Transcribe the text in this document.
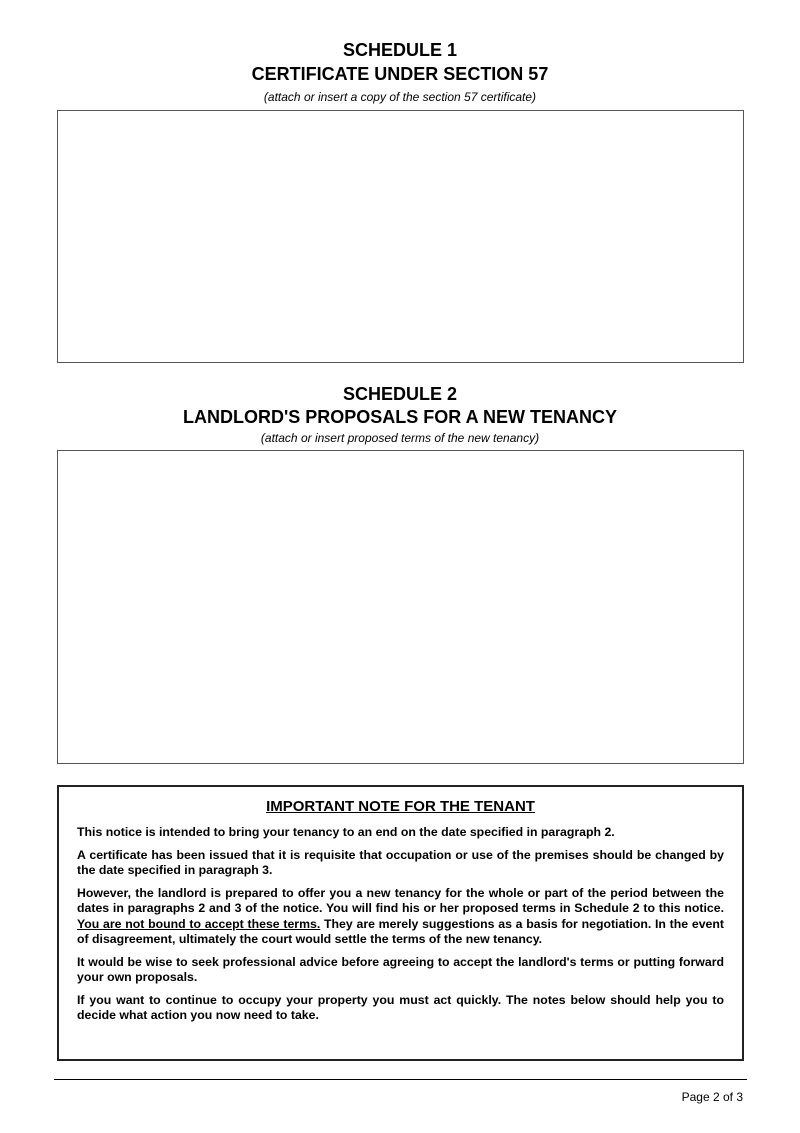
SCHEDULE 1
CERTIFICATE UNDER SECTION 57
(attach or insert a copy of the section 57 certificate)
SCHEDULE 2
LANDLORD'S PROPOSALS FOR A NEW TENANCY
(attach or insert proposed terms of the new tenancy)
IMPORTANT NOTE FOR THE TENANT

This notice is intended to bring your tenancy to an end on the date specified in paragraph 2.

A certificate has been issued that it is requisite that occupation or use of the premises should be changed by the date specified in paragraph 3.

However, the landlord is prepared to offer you a new tenancy for the whole or part of the period between the dates in paragraphs 2 and 3 of the notice. You will find his or her proposed terms in Schedule 2 to this notice. You are not bound to accept these terms. They are merely suggestions as a basis for negotiation. In the event of disagreement, ultimately the court would settle the terms of the new tenancy.

It would be wise to seek professional advice before agreeing to accept the landlord's terms or putting forward your own proposals.

If you want to continue to occupy your property you must act quickly. The notes below should help you to decide what action you now need to take.

Page 2 of 3
